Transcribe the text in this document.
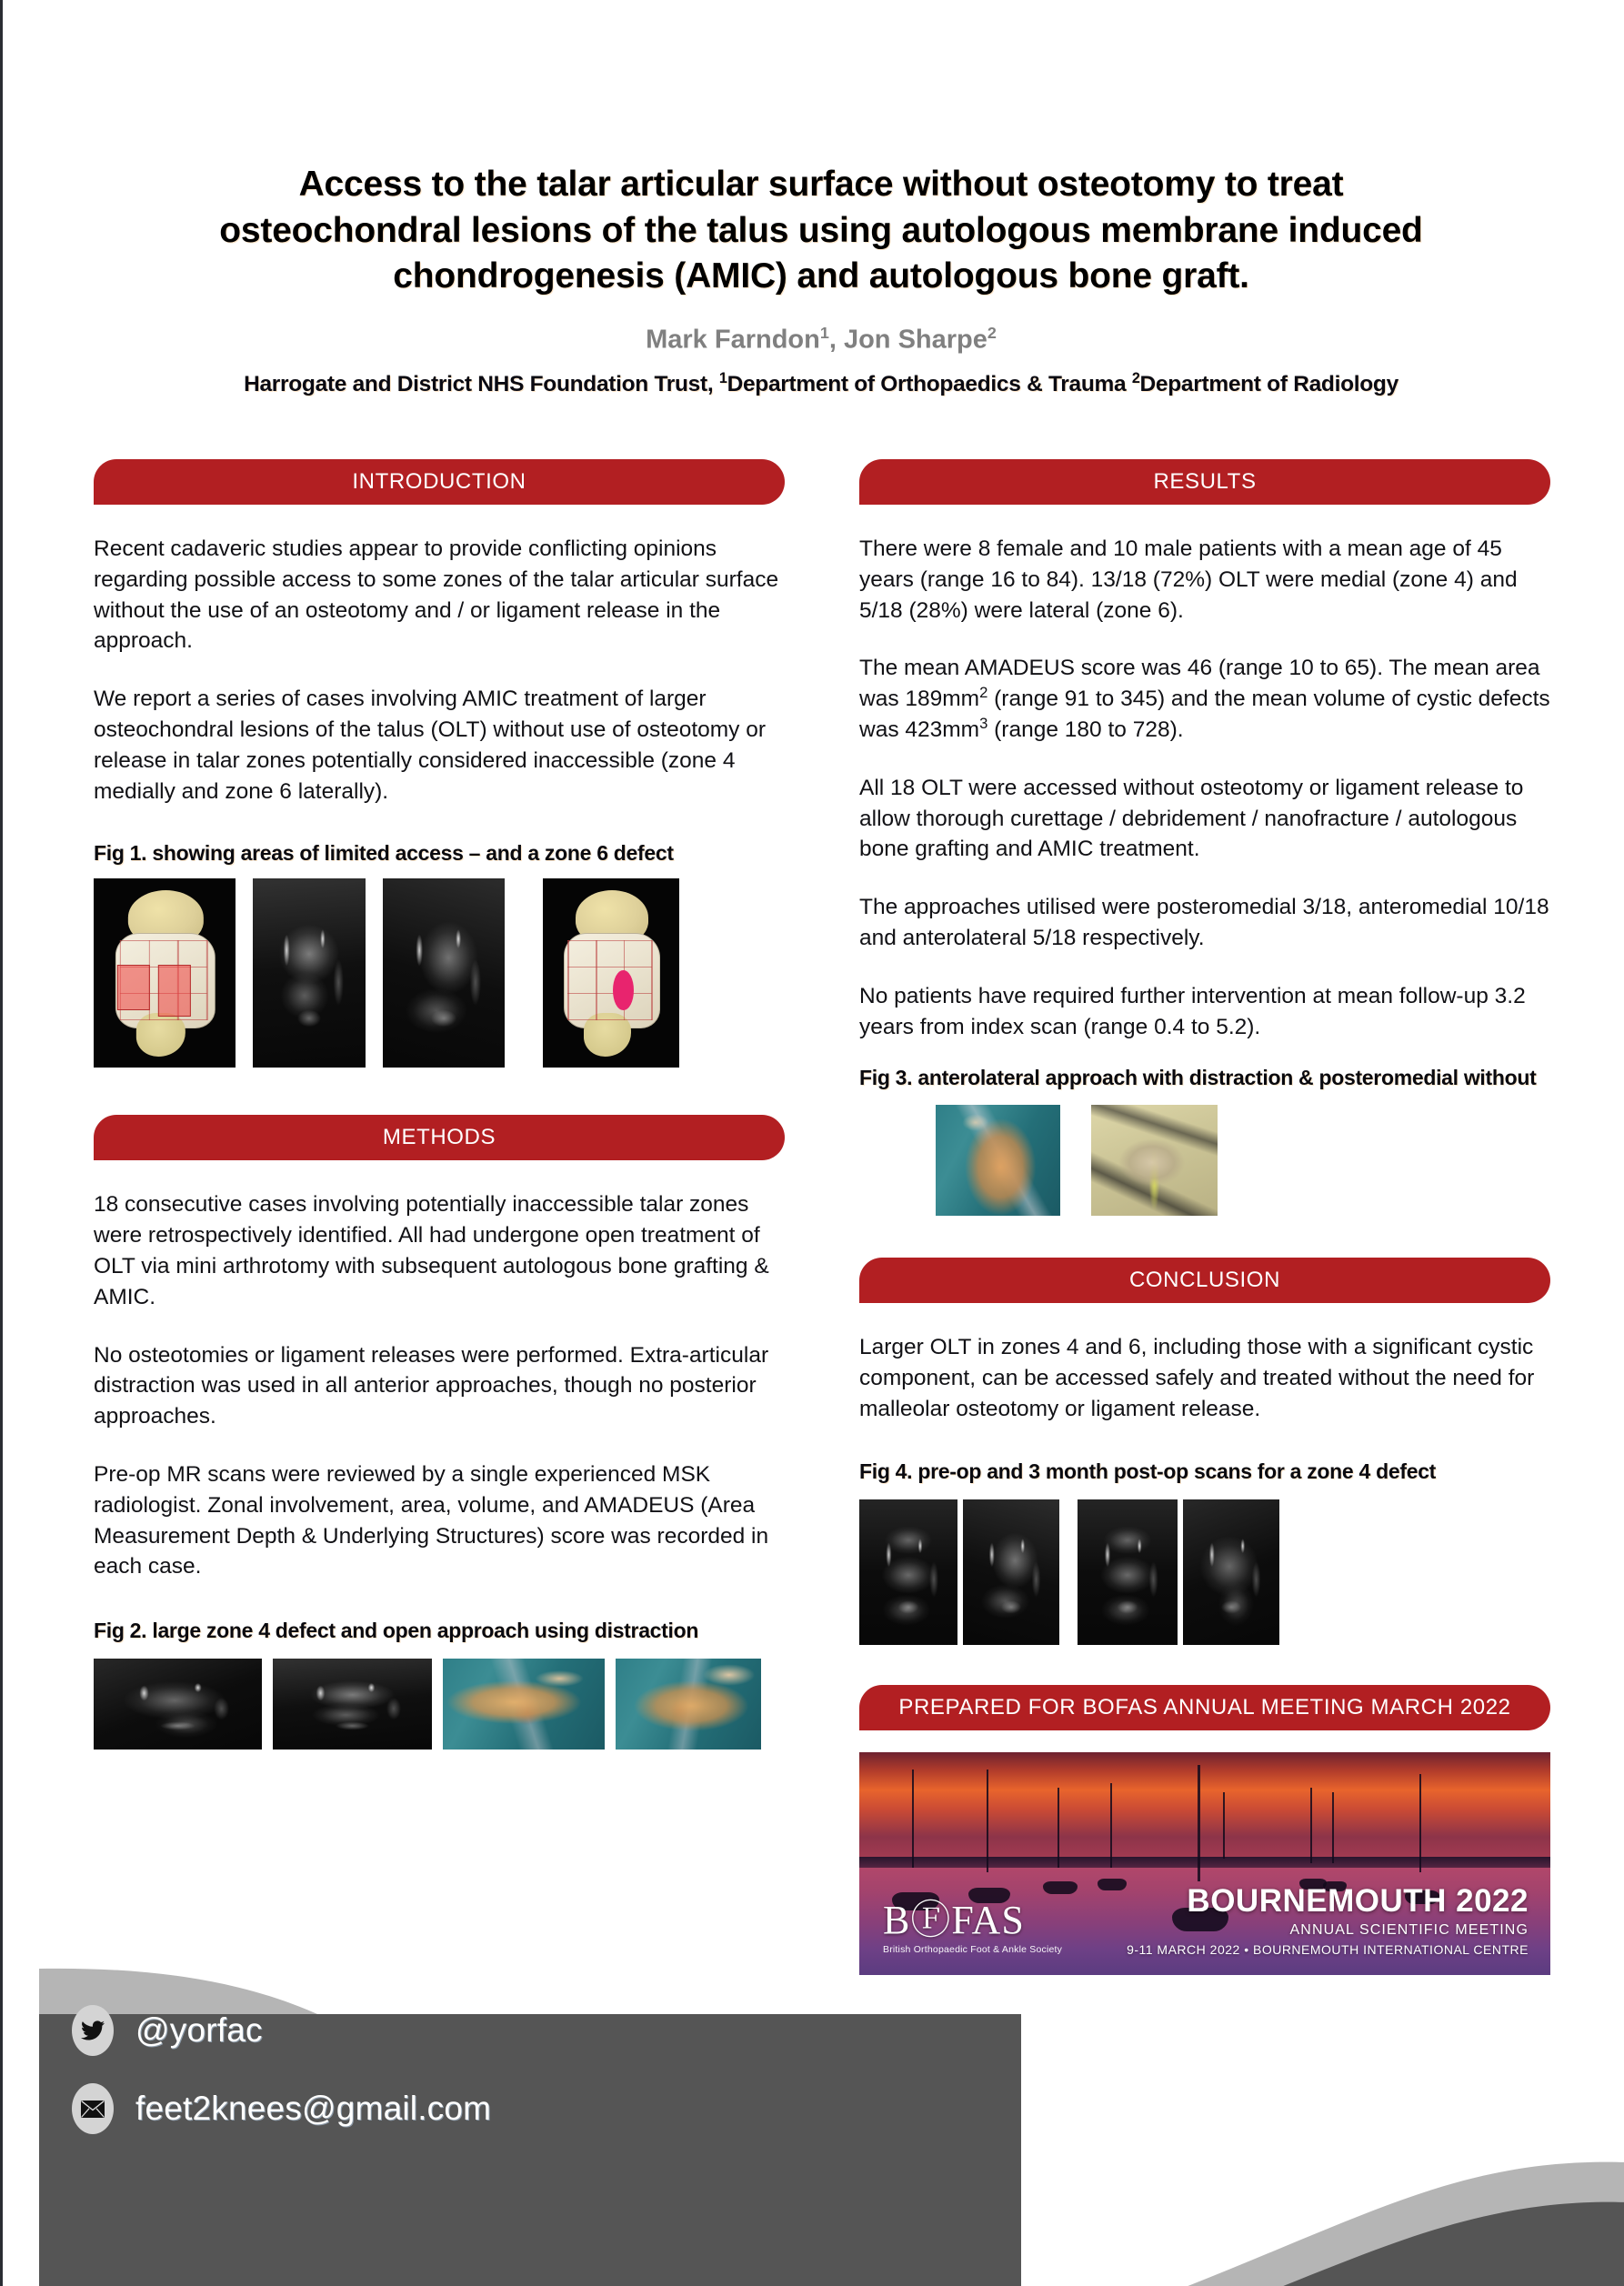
Access to the talar articular surface without osteotomy to treat
osteochondral lesions of the talus using autologous membrane induced
chondrogenesis (AMIC) and autologous bone graft.
Mark Farndon$^1$, Jon Sharpe$^2$
Harrogate and District NHS Foundation Trust, $^1$Department of Orthopaedics & Trauma $^2$Department of Radiology
INTRODUCTION

Recent cadaveric studies appear to provide conflicting opinions regarding possible access to some zones of the talar articular surface without the use of an osteotomy and / or ligament release in the approach.

We report a series of cases involving AMIC treatment of larger osteochondral lesions of the talus (OLT) without use of osteotomy or release in talar zones potentially considered inaccessible (zone 4 medially and zone 6 laterally).

Fig 1. showing areas of limited access – and a zone 6 defect
METHODS

18 consecutive cases involving potentially inaccessible talar zones were retrospectively identified. All had undergone open treatment of OLT via mini arthrotomy with subsequent autologous bone grafting & AMIC.

No osteotomies or ligament releases were performed. Extra-articular distraction was used in all anterior approaches, though no posterior approaches.

Pre-op MR scans were reviewed by a single experienced MSK radiologist. Zonal involvement, area, volume, and AMADEUS (Area Measurement Depth & Underlying Structures) score was recorded in each case.

Fig 2. large zone 4 defect and open approach using distraction
RESULTS

There were 8 female and 10 male patients with a mean age of 45 years (range 16 to 84). 13/18 (72%) OLT were medial (zone 4) and 5/18 (28%) were lateral (zone 6).

The mean AMADEUS score was 46 (range 10 to 65). The mean area was $189mm^2$ (range 91 to 345) and the mean volume of cystic defects was $423mm^3$ (range 180 to 728).

All 18 OLT were accessed without osteotomy or ligament release to allow thorough curettage / debridement / nanofracture / autologous bone grafting and AMIC treatment.

The approaches utilised were posteromedial 3/18, anteromedial 10/18 and anterolateral 5/18 respectively.

No patients have required further intervention at mean follow-up 3.2 years from index scan (range 0.4 to 5.2).

Fig 3. anterolateral approach with distraction & posteromedial without
CONCLUSION

Larger OLT in zones 4 and 6, including those with a significant cystic component, can be accessed safely and treated without the need for malleolar osteotomy or ligament release.

Fig 4. pre-op and 3 month post-op scans for a zone 4 defect
PREPARED FOR BOFAS ANNUAL MEETING MARCH 2022
BⒻFAS
British Orthopaedic Foot & Ankle Society
BOURNEMOUTH 2022
ANNUAL SCIENTIFIC MEETING
9-11 MARCH 2022 • BOURNEMOUTH INTERNATIONAL CENTRE
@yorfac
feet2knees@gmail.com
